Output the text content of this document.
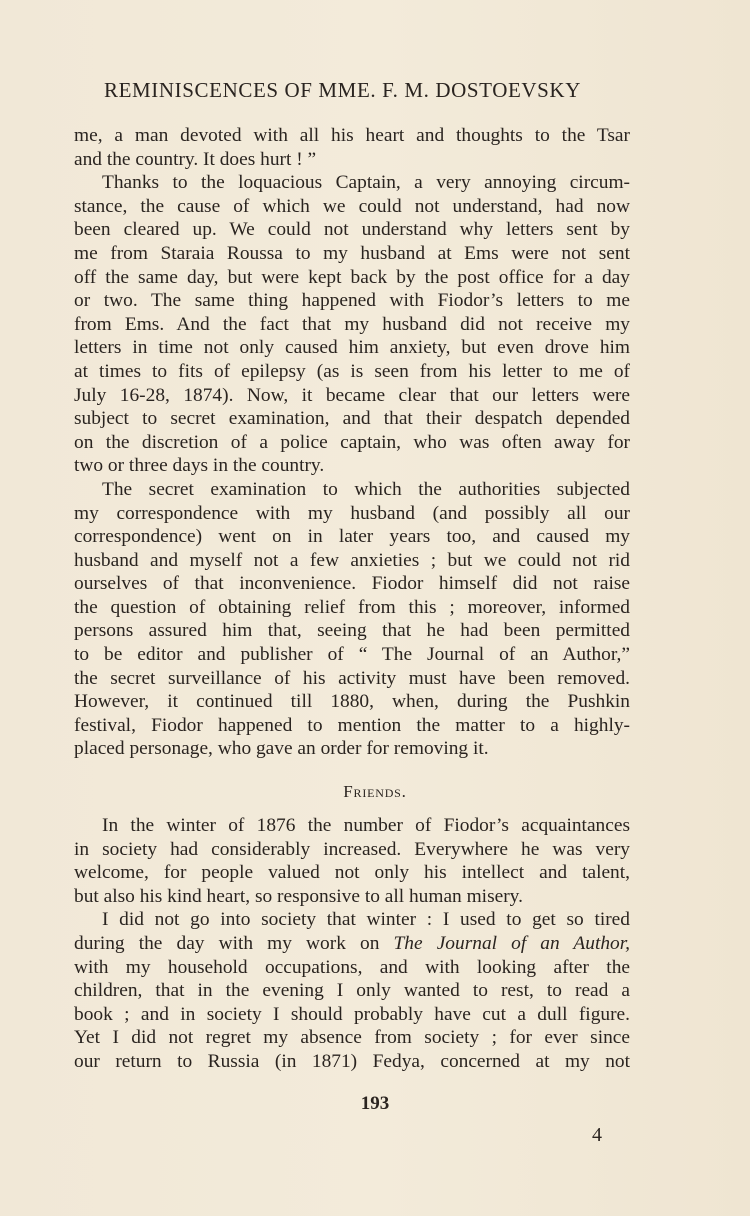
REMINISCENCES OF MME. F. M. DOSTOEVSKY
me, a man devoted with all his heart and thoughts to the Tsar
and the country. It does hurt ! ”
Thanks to the loquacious Captain, a very annoying circum-
stance, the cause of which we could not understand, had now
been cleared up. We could not understand why letters sent by
me from Staraia Roussa to my husband at Ems were not sent
off the same day, but were kept back by the post office for a day
or two. The same thing happened with Fiodor’s letters to me
from Ems. And the fact that my husband did not receive my
letters in time not only caused him anxiety, but even drove him
at times to fits of epilepsy (as is seen from his letter to me of
July 16-28, 1874). Now, it became clear that our letters were
subject to secret examination, and that their despatch depended
on the discretion of a police captain, who was often away for
two or three days in the country.
The secret examination to which the authorities subjected
my correspondence with my husband (and possibly all our
correspondence) went on in later years too, and caused my
husband and myself not a few anxieties ; but we could not rid
ourselves of that inconvenience. Fiodor himself did not raise
the question of obtaining relief from this ; moreover, informed
persons assured him that, seeing that he had been permitted
to be editor and publisher of “ The Journal of an Author,”
the secret surveillance of his activity must have been removed.
However, it continued till 1880, when, during the Pushkin
festival, Fiodor happened to mention the matter to a highly-
placed personage, who gave an order for removing it.
Friends.
In the winter of 1876 the number of Fiodor’s acquaintances
in society had considerably increased. Everywhere he was very
welcome, for people valued not only his intellect and talent,
but also his kind heart, so responsive to all human misery.
I did not go into society that winter : I used to get so tired
during the day with my work on The Journal of an Author,
with my household occupations, and with looking after the
children, that in the evening I only wanted to rest, to read a
book ; and in society I should probably have cut a dull figure.
Yet I did not regret my absence from society ; for ever since
our return to Russia (in 1871) Fedya, concerned at my not
193
4
